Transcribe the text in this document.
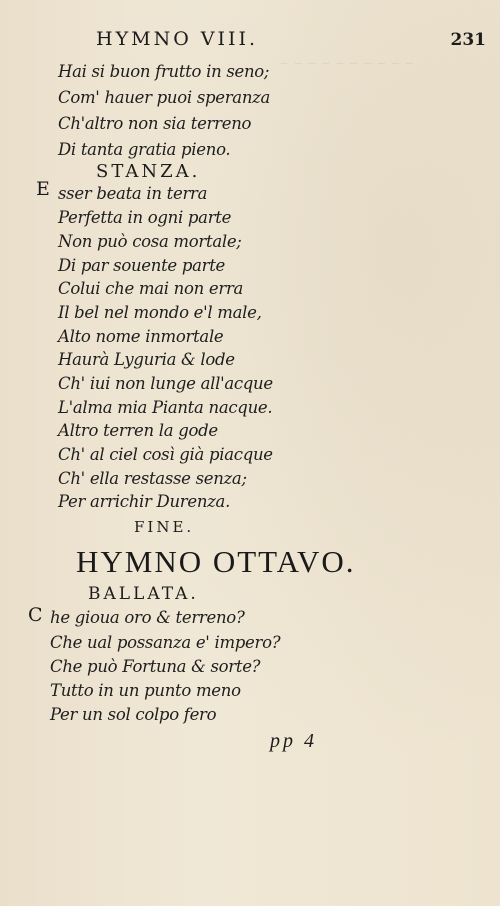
– – – – – – – – – –

HYMNO VIII.	231
Hai si buon frutto in seno;
Com' hauer puoi speranza
Ch'altro non sia terreno
Di tanta gratia pieno.
STANZA.
E sser beata in terra
Perfetta in ogni parte
Non può cosa mortale;
Di par souente parte
Colui che mai non erra
Il bel nel mondo e'l male,
Alto nome inmortale
Haurà Lyguria & lode
Ch' iui non lunge all'acque
L'alma mia Pianta nacque.
Altro terren la gode
Ch' al ciel così già piacque
Ch' ella restasse senza;
Per arrichir Durenza.
FINE.
HYMNO OTTAVO.
BALLATA.
C he gioua oro & terreno?
Che ual possanza e' impero?
Che può Fortuna & sorte?
Tutto in un punto meno
Per un sol colpo fero
pp 4
